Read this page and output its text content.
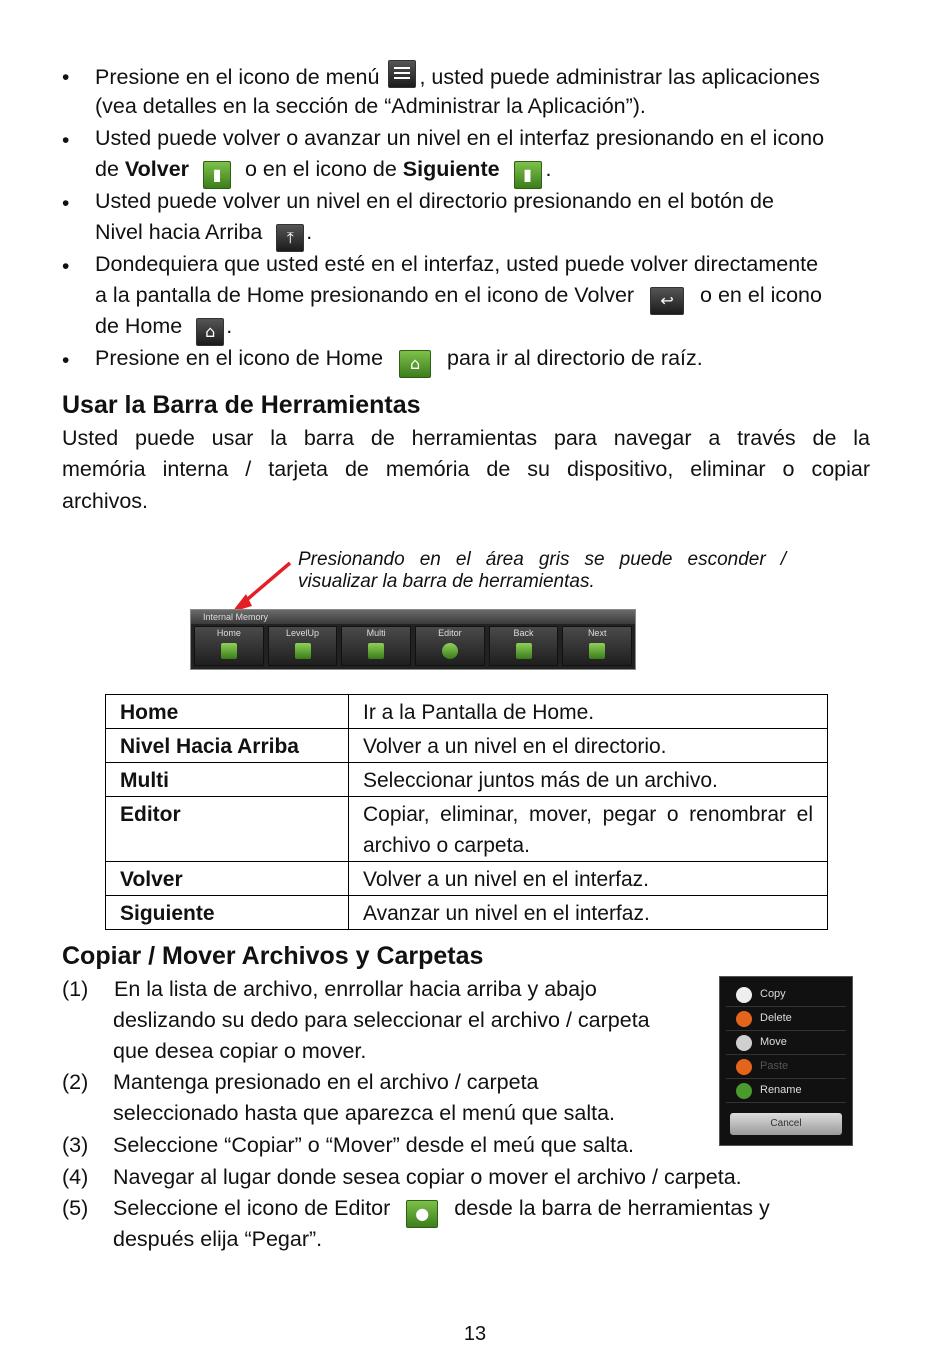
• Presione en el icono de menú , usted puede administrar las aplicaciones
(vea detalles en la sección de “Administrar la Aplicación”).
• Usted puede volver o avanzar un nivel en el interfaz presionando en el icono
de Volver	▮	o en el icono de Siguiente	▮ .
• Usted puede volver un nivel en el directorio presionando en el botón de
Nivel hacia Arriba	⤒ .
• Dondequiera que usted esté en el interfaz, usted puede volver directamente
a la pantalla de Home presionando en el icono de Volver	↩	o en el icono
de Home	⌂ .
• Presione en el icono de Home	⌂	para ir al directorio de raíz.
Usar la Barra de Herramientas
Usted puede usar la barra de herramientas para navegar a través de la
memória interna / tarjeta de memória de su dispositivo, eliminar o copiar
archivos.
Presionando en el área gris se puede esconder /
visualizar la barra de herramientas.
Internal Memory
Home	LevelUp	Multi	Editor	Back	Next
Home	Ir a la Pantalla de Home.
Nivel Hacia Arriba	Volver a un nivel en el directorio.
Multi	Seleccionar juntos más de un archivo.
Editor	Copiar, eliminar, mover, pegar o renombrar el archivo o carpeta.
Volver	Volver a un nivel en el interfaz.
Siguiente	Avanzar un nivel en el interfaz.
Copiar / Mover Archivos y Carpetas
(1) En la lista de archivo, enrrollar hacia arriba y abajo
deslizando su dedo para seleccionar el archivo / carpeta
que desea copiar o mover.
(2) Mantenga presionado en el archivo / carpeta
seleccionado hasta que aparezca el menú que salta.
(3) Seleccione “Copiar” o “Mover” desde el meú que salta.
(4) Navegar al lugar donde sesea copiar o mover el archivo / carpeta.
(5) Seleccione el icono de Editor	●	desde la barra de herramientas y
después elija “Pegar”.
Copy
Delete
Move
Paste
Rename
Cancel
13
